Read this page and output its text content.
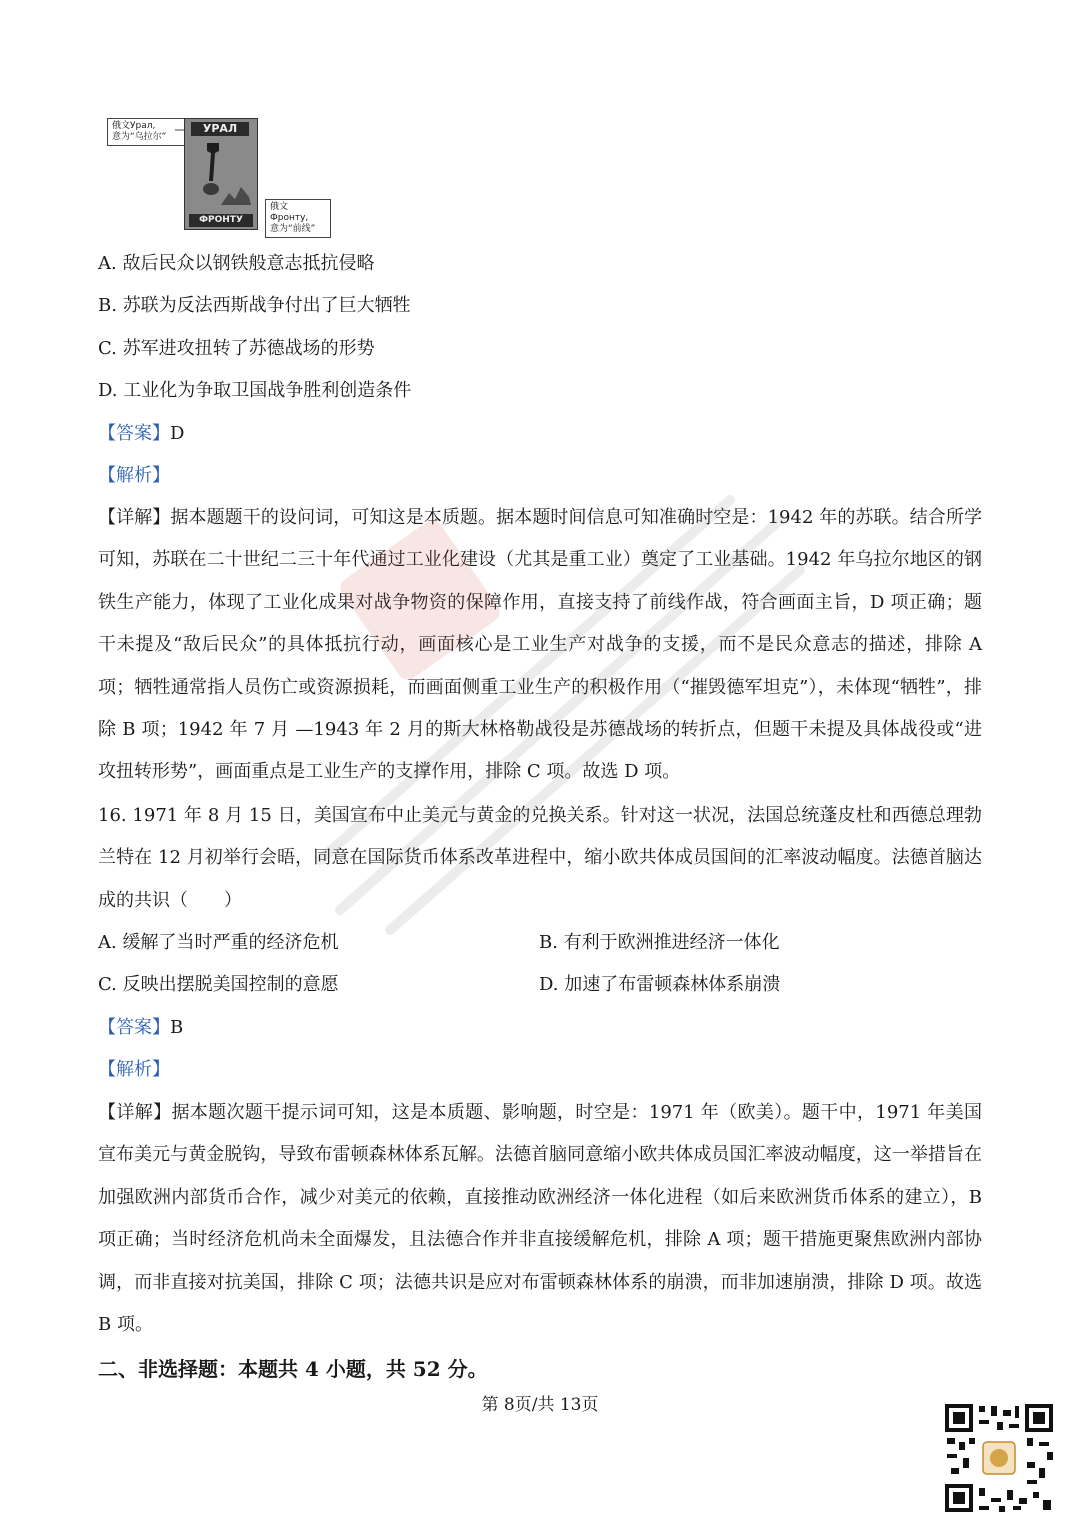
俄文Урал,
意为“乌拉尔”
УРАЛ
ФРОНТУ
俄文Фронту,
意为“前线”
A. 敌后民众以钢铁般意志抵抗侵略
B. 苏联为反法西斯战争付出了巨大牺牲
C. 苏军进攻扭转了苏德战场的形势
D. 工业化为争取卫国战争胜利创造条件
【答案】D
【解析】
【详解】据本题题干的设问词，可知这是本质题。据本题时间信息可知准确时空是：1942 年的苏联。结合所学可知，苏联在二十世纪二三十年代通过工业化建设（尤其是重工业）奠定了工业基础。1942 年乌拉尔地区的钢铁生产能力，体现了工业化成果对战争物资的保障作用，直接支持了前线作战，符合画面主旨，D 项正确；题干未提及“敌后民众”的具体抵抗行动，画面核心是工业生产对战争的支援，而不是民众意志的描述，排除 A 项；牺牲通常指人员伤亡或资源损耗，而画面侧重工业生产的积极作用（“摧毁德军坦克”），未体现“牺牲”，排除 B 项；1942 年 7 月 —1943 年 2 月的斯大林格勒战役是苏德战场的转折点，但题干未提及具体战役或“进攻扭转形势”，画面重点是工业生产的支撑作用，排除 C 项。故选 D 项。
16. 1971 年 8 月 15 日，美国宣布中止美元与黄金的兑换关系。针对这一状况，法国总统蓬皮杜和西德总理勃兰特在 12 月初举行会晤，同意在国际货币体系改革进程中，缩小欧共体成员国间的汇率波动幅度。法德首脑达成的共识（　　）
A. 缓解了当时严重的经济危机	B. 有利于欧洲推进经济一体化
C. 反映出摆脱美国控制的意愿	D. 加速了布雷顿森林体系崩溃
【答案】B
【解析】
【详解】据本题次题干提示词可知，这是本质题、影响题，时空是：1971 年（欧美）。题干中，1971 年美国宣布美元与黄金脱钩，导致布雷顿森林体系瓦解。法德首脑同意缩小欧共体成员国汇率波动幅度，这一举措旨在加强欧洲内部货币合作，减少对美元的依赖，直接推动欧洲经济一体化进程（如后来欧洲货币体系的建立），B 项正确；当时经济危机尚未全面爆发，且法德合作并非直接缓解危机，排除 A 项；题干措施更聚焦欧洲内部协调，而非直接对抗美国，排除 C 项；法德共识是应对布雷顿森林体系的崩溃，而非加速崩溃，排除 D 项。故选 B 项。
二、非选择题：本题共 4 小题，共 52 分。
第 8页/共 13页
